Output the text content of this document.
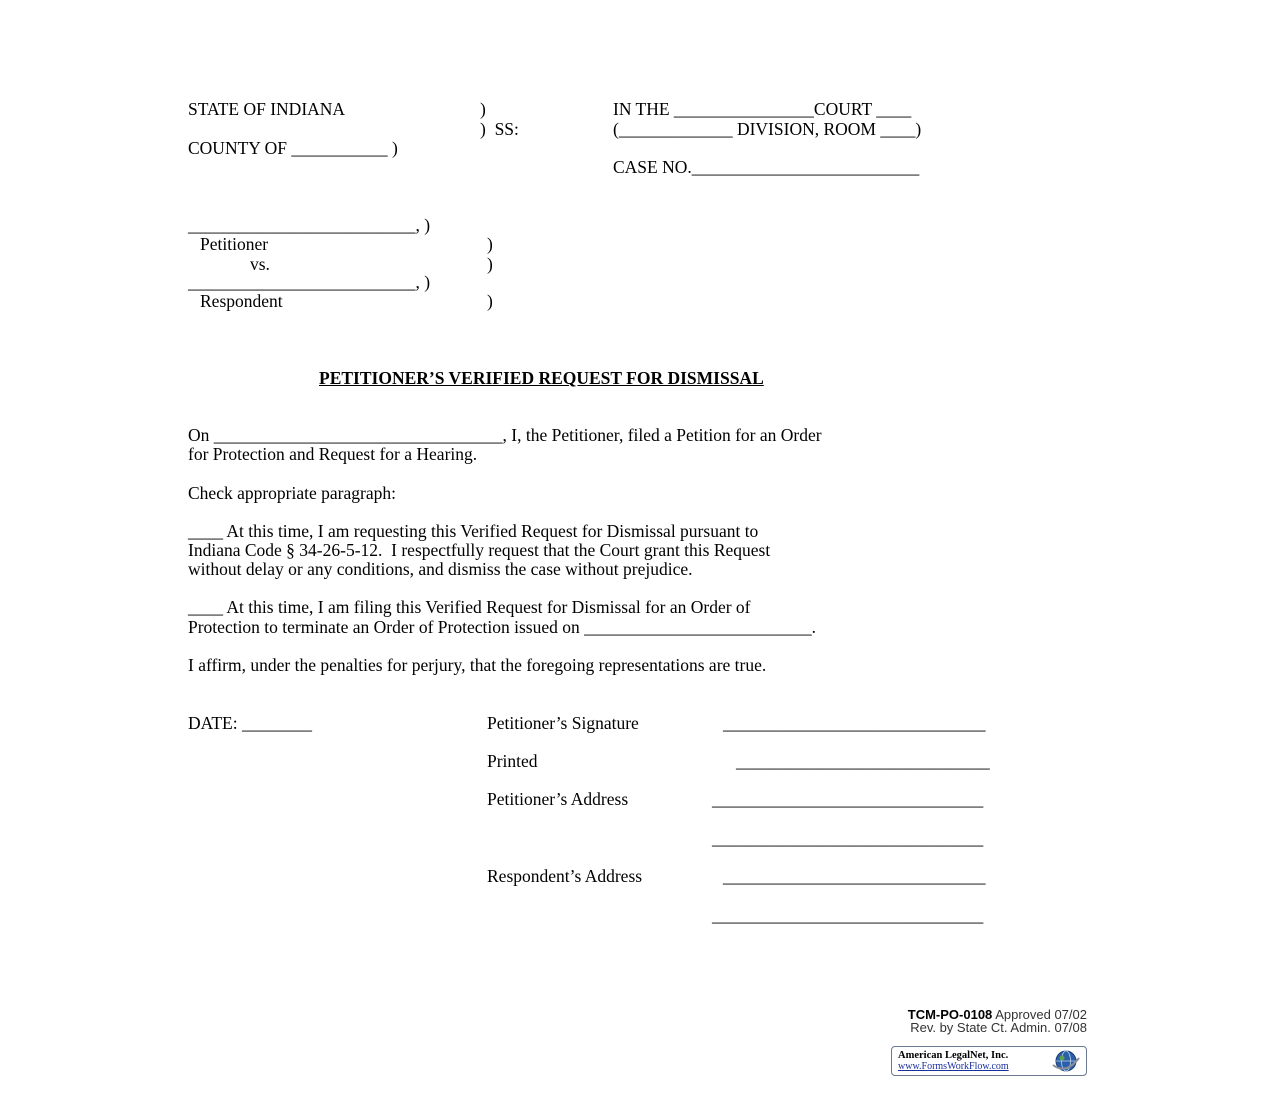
STATE OF INDIANA	)
)  SS:
COUNTY OF ___________ )
IN THE ________________COURT ____
(_____________ DIVISION, ROOM ____)
CASE NO.__________________________
__________________________, )
Petitioner	)
vs.	)
__________________________, )
Respondent	)
PETITIONER’S VERIFIED REQUEST FOR DISMISSAL
On _________________________________, I, the Petitioner, filed a Petition for an Order
for Protection and Request for a Hearing.
Check appropriate paragraph:
____ At this time, I am requesting this Verified Request for Dismissal pursuant to
Indiana Code § 34-26-5-12.  I respectfully request that the Court grant this Request
without delay or any conditions, and dismiss the case without prejudice.
____ At this time, I am filing this Verified Request for Dismissal for an Order of
Protection to terminate an Order of Protection issued on __________________________.
I affirm, under the penalties for perjury, that the foregoing representations are true.
DATE: ________	Petitioner’s Signature	______________________________
Printed	_____________________________
Petitioner’s Address	_______________________________
_______________________________
Respondent’s Address	______________________________
_______________________________
TCM-PO-0108 Approved 07/02
Rev. by State Ct. Admin. 07/08
American LegalNet, Inc.
www.FormsWorkFlow.com
